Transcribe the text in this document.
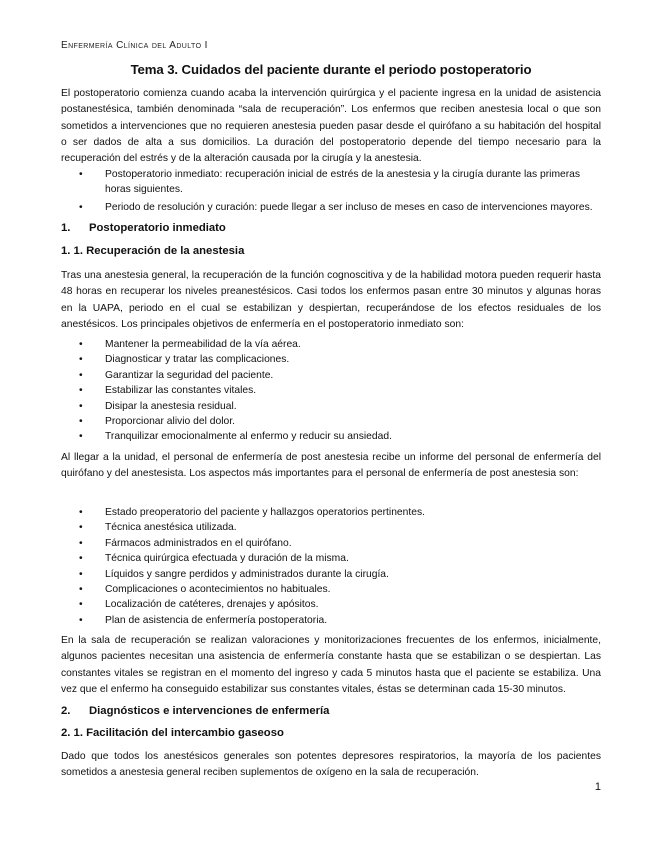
Enfermería Clínica del Adulto I
Tema 3. Cuidados del paciente durante el periodo postoperatorio

El postoperatorio comienza cuando acaba la intervención quirúrgica y el paciente ingresa en la unidad de asistencia postanestésica, también denominada “sala de recuperación”. Los enfermos que reciben anestesia local o que son sometidos a intervenciones que no requieren anestesia pueden pasar desde el quirófano a su habitación del hospital o ser dados de alta a sus domicilios. La duración del postoperatorio depende del tiempo necesario para la recuperación del estrés y de la alteración causada por la cirugía y la anestesia.

• Postoperatorio inmediato: recuperación inicial de estrés de la anestesia y la cirugía durante las primeras horas siguientes.
• Periodo de resolución y curación: puede llegar a ser incluso de meses en caso de intervenciones mayores.
1. Postoperatorio inmediato
1. 1. Recuperación de la anestesia

Tras una anestesia general, la recuperación de la función cognoscitiva y de la habilidad motora pueden requerir hasta 48 horas en recuperar los niveles preanestésicos. Casi todos los enfermos pasan entre 30 minutos y algunas horas en la UAPA, periodo en el cual se estabilizan y despiertan, recuperándose de los efectos residuales de los anestésicos. Los principales objetivos de enfermería en el postoperatorio inmediato son:

• Mantener la permeabilidad de la vía aérea.
• Diagnosticar y tratar las complicaciones.
• Garantizar la seguridad del paciente.
• Estabilizar las constantes vitales.
• Disipar la anestesia residual.
• Proporcionar alivio del dolor.
• Tranquilizar emocionalmente al enfermo y reducir su ansiedad.

Al llegar a la unidad, el personal de enfermería de post anestesia recibe un informe del personal de enfermería del quirófano y del anestesista. Los aspectos más importantes para el personal de enfermería de post anestesia son:

• Estado preoperatorio del paciente y hallazgos operatorios pertinentes.
• Técnica anestésica utilizada.
• Fármacos administrados en el quirófano.
• Técnica quirúrgica efectuada y duración de la misma.
• Líquidos y sangre perdidos y administrados durante la cirugía.
• Complicaciones o acontecimientos no habituales.
• Localización de catéteres, drenajes y apósitos.
• Plan de asistencia de enfermería postoperatoria.

En la sala de recuperación se realizan valoraciones y monitorizaciones frecuentes de los enfermos, inicialmente, algunos pacientes necesitan una asistencia de enfermería constante hasta que se estabilizan o se despiertan. Las constantes vitales se registran en el momento del ingreso y cada 5 minutos hasta que el paciente se estabiliza. Una vez que el enfermo ha conseguido estabilizar sus constantes vitales, éstas se determinan cada 15-30 minutos.

2. Diagnósticos e intervenciones de enfermería
2. 1. Facilitación del intercambio gaseoso

Dado que todos los anestésicos generales son potentes depresores respiratorios, la mayoría de los pacientes sometidos a anestesia general reciben suplementos de oxígeno en la sala de recuperación.

1
